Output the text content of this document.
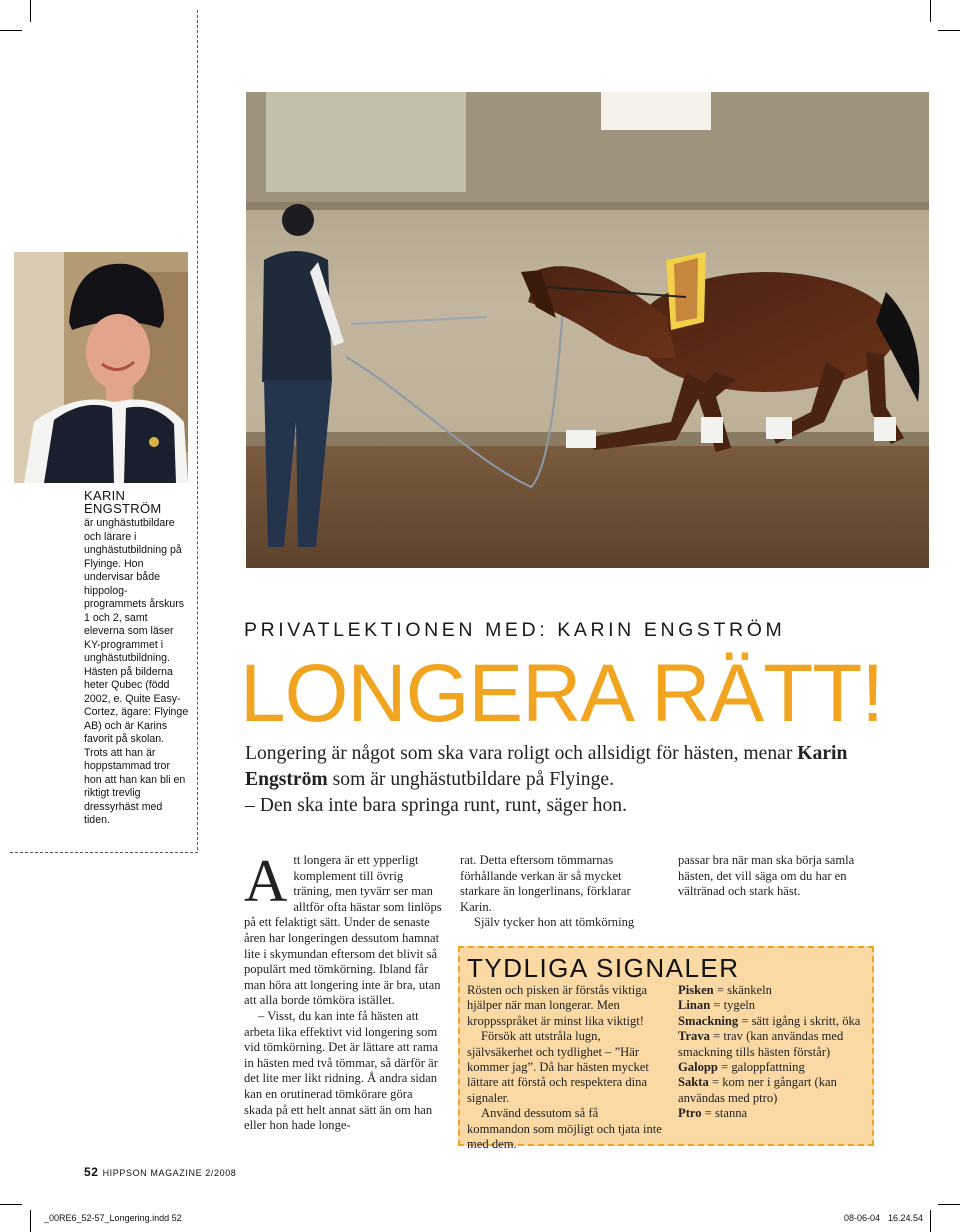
KARIN ENGSTRÖM
är unghästutbildare och lärare i unghästutbildning på Flyinge. Hon undervisar både hippolog-programmets årskurs 1 och 2, samt eleverna som läser KY-programmet i unghästutbildning. Hästen på bilderna heter Qubec (född 2002, e. Quite Easy-Cortez, ägare: Flyinge AB) och är Karins favorit på skolan. Trots att han är hoppstammad tror hon att han kan bli en riktigt trevlig dressyrhäst med tiden.
PRIVATLEKTIONEN MED: KARIN ENGSTRÖM
LONGERA RÄTT!
Longering är något som ska vara roligt och allsidigt för hästen, menar Karin Engström som är unghästutbildare på Flyinge.
– Den ska inte bara springa runt, runt, säger hon.
A tt longera är ett ypperligt komplement till övrig träning, men tyvärr ser man alltför ofta hästar som linlöps på ett felaktigt sätt. Under de senaste åren har longeringen dessutom hamnat lite i skymundan eftersom det blivit så populärt med tömkörning. Ibland får man höra att longering inte är bra, utan att alla borde tömköra istället.

– Visst, du kan inte få hästen att arbeta lika effektivt vid longering som vid tömkörning. Det är lättare att rama in hästen med två tömmar, så därför är det lite mer likt ridning. Å andra sidan kan en orutinerad tömkörare göra skada på ett helt annat sätt än om han eller hon hade longe-

rat. Detta eftersom tömmarnas förhållande verkan är så mycket starkare än longerlinans, förklarar Karin.

Själv tycker hon att tömkörning

passar bra när man ska börja samla hästen, det vill säga om du har en vältränad och stark häst.

TYDLIGA SIGNALER

Rösten och pisken är förstås viktiga hjälper när man longerar. Men kroppsspråket är minst lika viktigt!

Försök att utstråla lugn, självsäkerhet och tydlighet – ”Här kommer jag”. Då har hästen mycket lättare att förstå och respektera dina signaler.

Använd dessutom så få kommandon som möjligt och tjata inte med dem.

Pisken = skänkeln
Linan = tygeln
Smackning = sätt igång i skritt, öka
Trava = trav (kan användas med smackning tills hästen förstår)
Galopp = galoppfattning
Sakta = kom ner i gångart (kan användas med ptro)
Ptro = stanna
52 HIPPSON MAGAZINE 2/2008
_00RE6_52-57_Longering.indd 52	08-06-04 16.24.54
